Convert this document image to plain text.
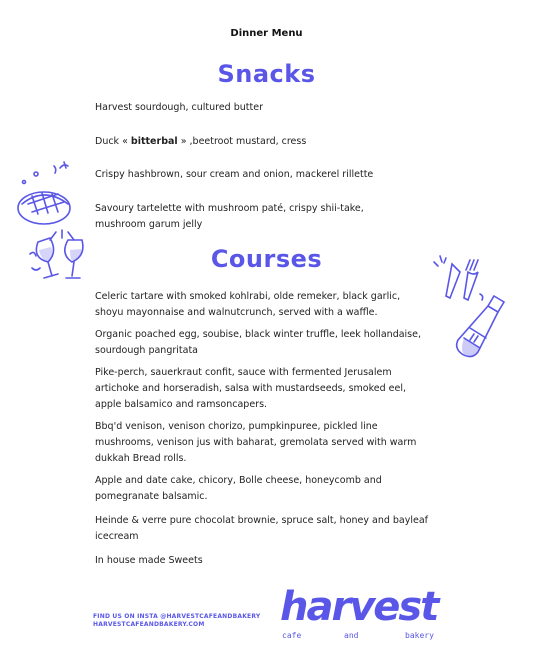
Dinner Menu
Snacks
Harvest sourdough, cultured butter
Duck « bitterbal » ,beetroot mustard, cress
Crispy hashbrown, sour cream and onion, mackerel rillette
Savoury tartelette with mushroom paté, crispy shii-take, mushroom garum jelly
Courses
Celeric tartare with smoked kohlrabi, olde remeker, black garlic, shoyu mayonnaise and walnutcrunch, served with a waffle.
Organic poached egg, soubise, black winter truffle, leek hollandaise, sourdough pangritata
Pike-perch, sauerkraut confit, sauce with fermented Jerusalem artichoke and horseradish, salsa with mustardseeds, smoked eel, apple balsamico and ramsoncapers.
Bbq'd venison, venison chorizo, pumpkinpuree, pickled line mushrooms, venison jus with baharat, gremolata served with warm dukkah Bread rolls.
Apple and date cake, chicory, Bolle cheese, honeycomb and pomegranate balsamic.
Heinde & verre pure chocolat brownie, spruce salt, honey and bayleaf icecream
In house made Sweets
FIND US ON INSTA @HARVESTCAFEANDBAKERY
HARVESTCAFEANDBAKERY.COM	harvest
cafe	and	bakery
